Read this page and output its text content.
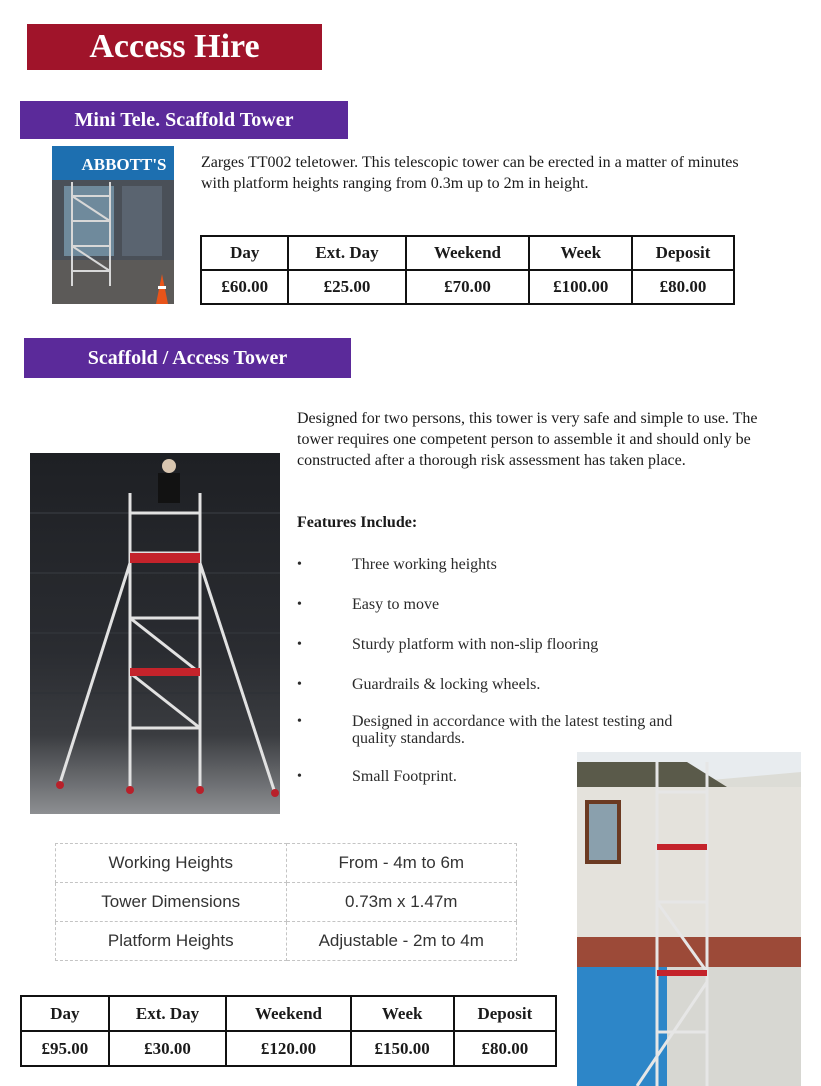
Access Hire
Mini Tele. Scaffold Tower
ABBOTT'S Zarges TT002 teletower. This telescopic tower can be erected in a matter of minutes with platform heights ranging from 0.3m up to 2m in height.
Day	Ext. Day	Weekend	Week	Deposit
£60.00	£25.00	£70.00	£100.00	£80.00
Scaffold / Access Tower
Designed for two persons, this tower is very safe and simple to use. The tower requires one competent person to assemble it and should only be constructed after a thorough risk assessment has taken place.
Features Include:
•	Three working heights
•	Easy to move
•	Sturdy platform with non-slip flooring
•	Guardrails & locking wheels.
•	Designed in accordance with the latest testing and quality standards.
•	Small Footprint.
Working Heights	From - 4m to 6m
Tower Dimensions	0.73m x 1.47m
Platform Heights	Adjustable - 2m to 4m
Day	Ext. Day	Weekend	Week	Deposit
£95.00	£30.00	£120.00	£150.00	£80.00
